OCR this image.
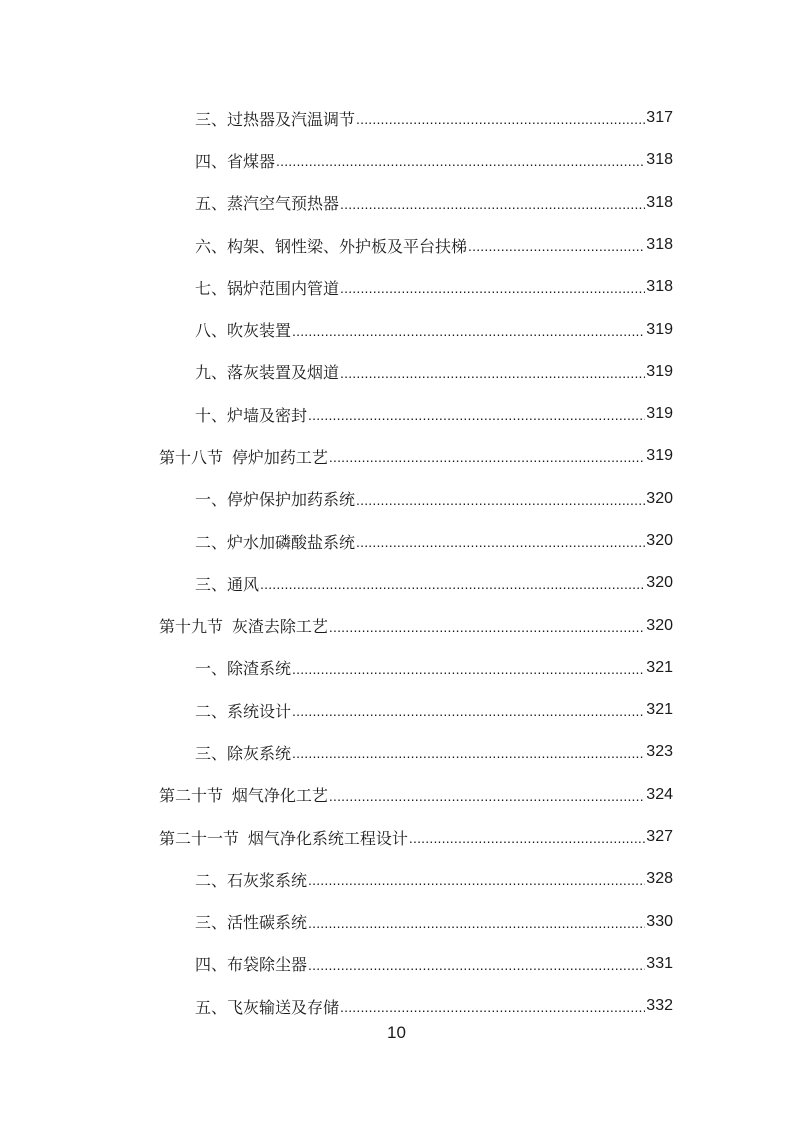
三、过热器及汽温调节 .....	317
四、省煤器 .....	318
五、蒸汽空气预热器 .....	318
六、构架、钢性梁、外护板及平台扶梯 .....	318
七、锅炉范围内管道 .....	318
八、吹灰装置 .....	319
九、落灰装置及烟道 .....	319
十、炉墙及密封 .....	319
第十八节  停炉加药工艺 .....	319
一、停炉保护加药系统 .....	320
二、炉水加磷酸盐系统 .....	320
三、通风 .....	320
第十九节  灰渣去除工艺 .....	320
一、除渣系统 .....	321
二、系统设计 .....	321
三、除灰系统 .....	323
第二十节  烟气净化工艺 .....	324
第二十一节  烟气净化系统工程设计 .....	327
二、石灰浆系统 .....	328
三、活性碳系统 .....	330
四、布袋除尘器 .....	331
五、飞灰输送及存储 .....	332
10
